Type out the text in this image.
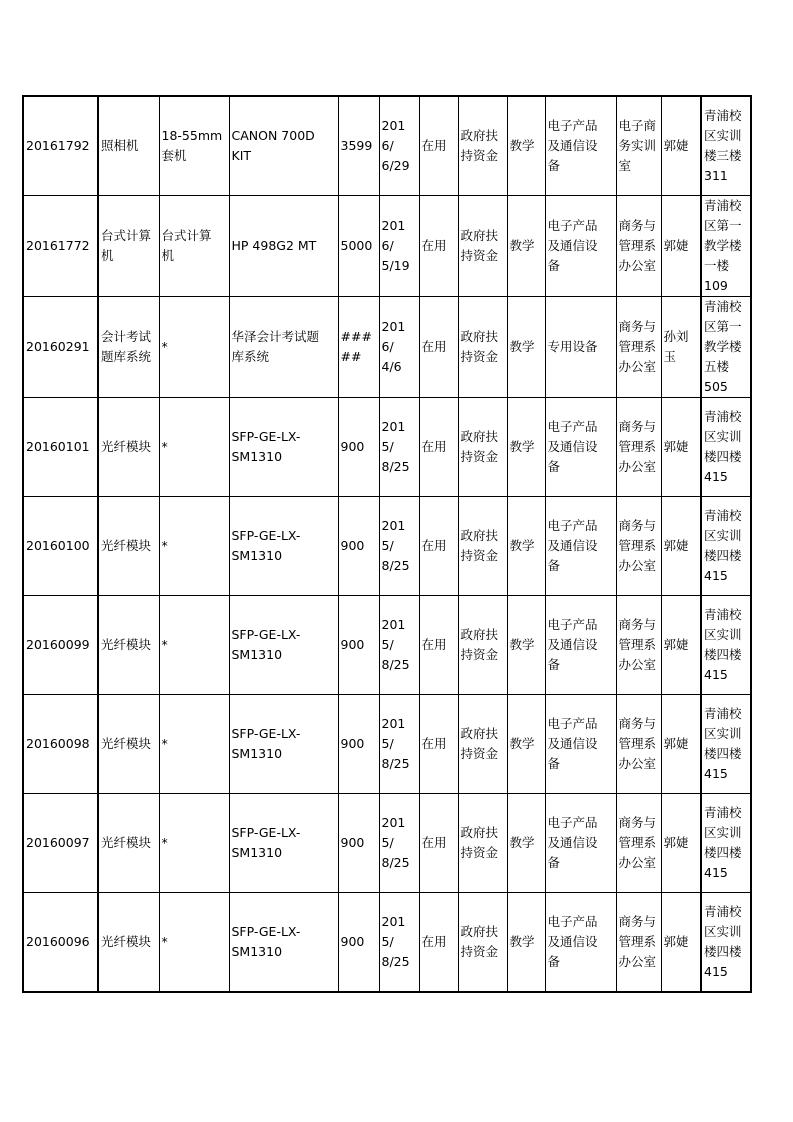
20161792	照相机	18-55mm
套机	CANON 700D
KIT	3599	2016/
6/29	在用	政府扶
持资金	教学	电子产品
及通信设
备	电子商
务实训
室	郭婕	青浦校
区实训
楼三楼
311
20161772	台式计算
机	台式计算
机	HP 498G2 MT	5000	2016/
5/19	在用	政府扶
持资金	教学	电子产品
及通信设
备	商务与
管理系
办公室	郭婕	青浦校
区第一
教学楼
一楼
109
20160291	会计考试
题库系统	*	华泽会计考试题
库系统	#####	2016/
4/6	在用	政府扶
持资金	教学	专用设备	商务与
管理系
办公室	孙刘
玉	青浦校
区第一
教学楼
五楼
505
20160101	光纤模块	*	SFP-GE-LX-
SM1310	900	2015/
8/25	在用	政府扶
持资金	教学	电子产品
及通信设
备	商务与
管理系
办公室	郭婕	青浦校
区实训
楼四楼
415
20160100	光纤模块	*	SFP-GE-LX-
SM1310	900	2015/
8/25	在用	政府扶
持资金	教学	电子产品
及通信设
备	商务与
管理系
办公室	郭婕	青浦校
区实训
楼四楼
415
20160099	光纤模块	*	SFP-GE-LX-
SM1310	900	2015/
8/25	在用	政府扶
持资金	教学	电子产品
及通信设
备	商务与
管理系
办公室	郭婕	青浦校
区实训
楼四楼
415
20160098	光纤模块	*	SFP-GE-LX-
SM1310	900	2015/
8/25	在用	政府扶
持资金	教学	电子产品
及通信设
备	商务与
管理系
办公室	郭婕	青浦校
区实训
楼四楼
415
20160097	光纤模块	*	SFP-GE-LX-
SM1310	900	2015/
8/25	在用	政府扶
持资金	教学	电子产品
及通信设
备	商务与
管理系
办公室	郭婕	青浦校
区实训
楼四楼
415
20160096	光纤模块	*	SFP-GE-LX-
SM1310	900	2015/
8/25	在用	政府扶
持资金	教学	电子产品
及通信设
备	商务与
管理系
办公室	郭婕	青浦校
区实训
楼四楼
415
